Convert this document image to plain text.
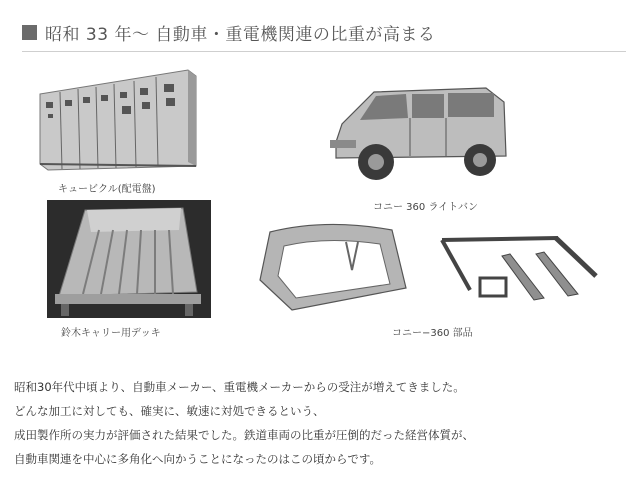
昭和 33 年〜 自動車・重電機関連の比重が高まる
キュービクル(配電盤)
コニー 360 ライトバン
鈴木キャリー用デッキ	コニー−360 部品

昭和30年代中頃より、自動車メーカー、重電機メーカーからの受注が増えてきました。

どんな加工に対しても、確実に、敏速に対処できるという、

成田製作所の実力が評価された結果でした。鉄道車両の比重が圧倒的だった経営体質が、

自動車関連を中心に多角化へ向かうことになったのはこの頃からです。
